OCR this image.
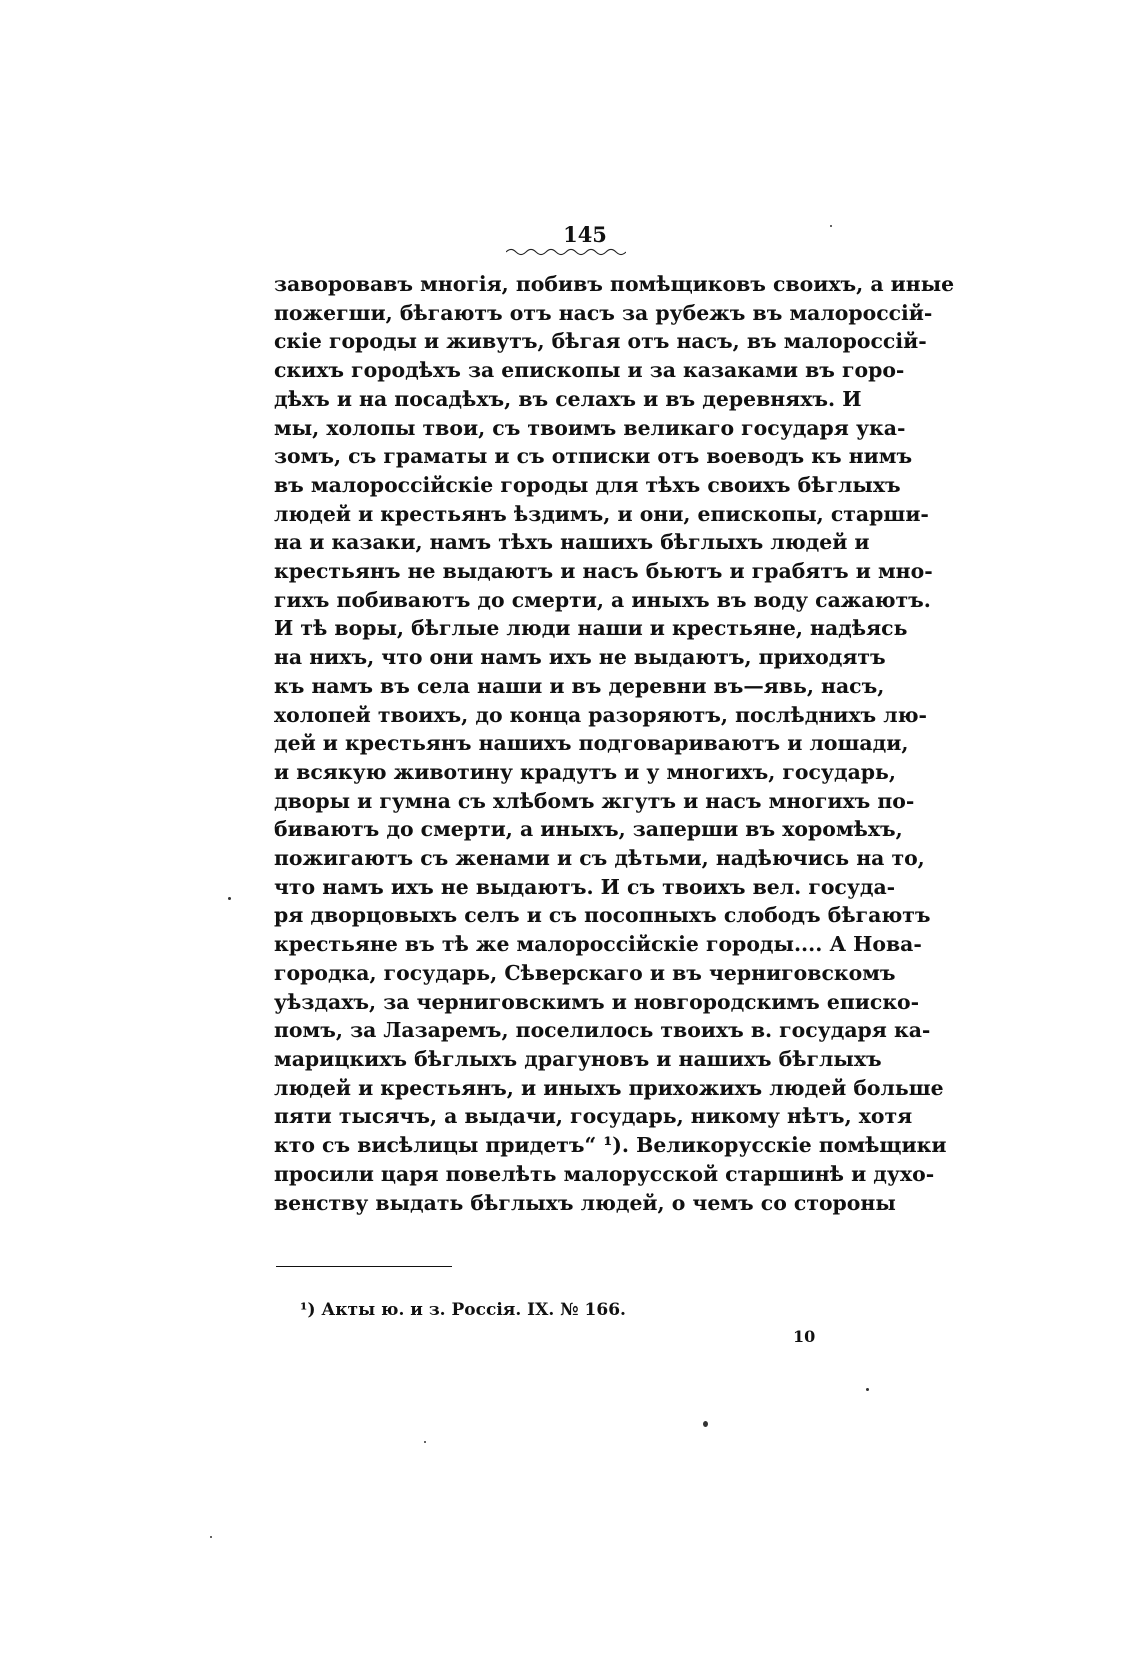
145
заворовавъ многія, побивъ помѣщиковъ своихъ, а иные
пожегши, бѣгаютъ отъ насъ за рубежъ въ малороссій-
скіе городы и живутъ, бѣгая отъ насъ, въ малороссій-
скихъ городѣхъ за епископы и за казаками въ горо-
дѣхъ и на посадѣхъ, въ селахъ и въ деревняхъ. И
мы, холопы твои, съ твоимъ великаго государя ука-
зомъ, съ граматы и съ отписки отъ воеводъ къ нимъ
въ малороссійскіе городы для тѣхъ своихъ бѣглыхъ
людей и крестьянъ ѣздимъ, и они, епископы, старши-
на и казаки, намъ тѣхъ нашихъ бѣглыхъ людей и
крестьянъ не выдаютъ и насъ бьютъ и грабятъ и мно-
гихъ побиваютъ до смерти, а иныхъ въ воду сажаютъ.
И тѣ воры, бѣглые люди наши и крестьяне, надѣясь
на нихъ, что они намъ ихъ не выдаютъ, приходятъ
къ намъ въ села наши и въ деревни въ—явь, насъ,
холопей твоихъ, до конца разоряютъ, послѣднихъ лю-
дей и крестьянъ нашихъ подговариваютъ и лошади,
и всякую животину крадутъ и у многихъ, государь,
дворы и гумна съ хлѣбомъ жгутъ и насъ многихъ по-
биваютъ до смерти, а иныхъ, заперши въ хоромѣхъ,
пожигаютъ съ женами и съ дѣтьми, надѣючись на то,
что намъ ихъ не выдаютъ. И съ твоихъ вел. госуда-
ря дворцовыхъ селъ и съ посопныхъ слободъ бѣгаютъ
крестьяне въ тѣ же малороссійскіе городы.... А Нова-
городка, государь, Сѣверскаго и въ черниговскомъ
уѣздахъ, за черниговскимъ и новгородскимъ еписко-
помъ, за Лазаремъ, поселилось твоихъ в. государя ка-
марицкихъ бѣглыхъ драгуновъ и нашихъ бѣглыхъ
людей и крестьянъ, и иныхъ прихожихъ людей больше
пяти тысячъ, а выдачи, государь, никому нѣтъ, хотя
кто съ висѣлицы придетъ“ ¹). Великорусскіе помѣщики
просили царя повелѣть малорусской старшинѣ и духо-
венству выдать бѣглыхъ людей, о чемъ со стороны
¹) Акты ю. и з. Россія. IX. № 166.
10
